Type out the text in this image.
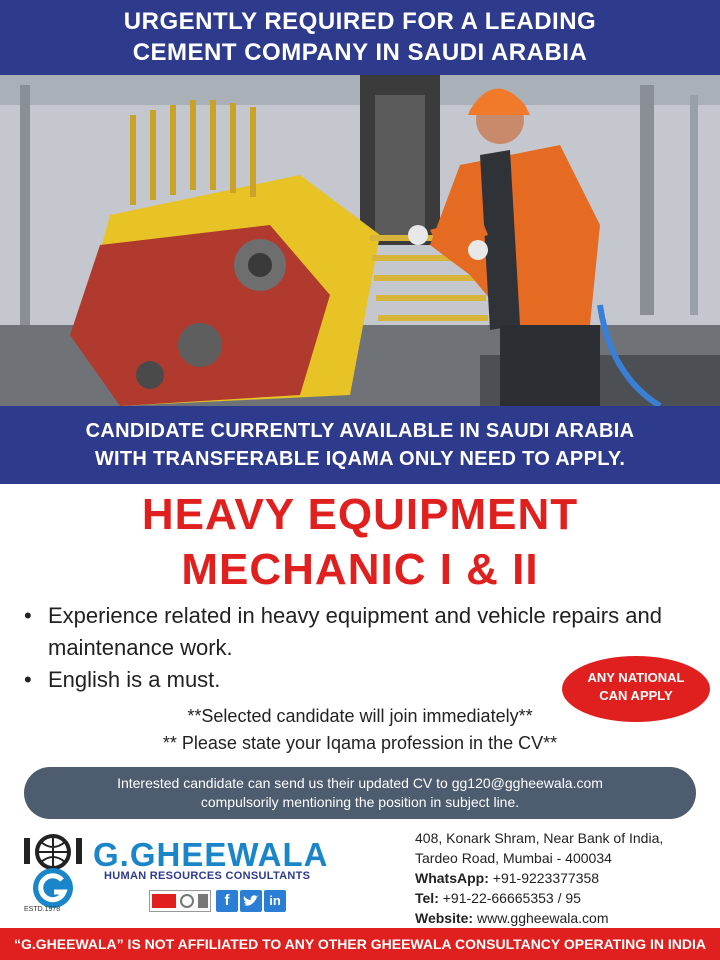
URGENTLY REQUIRED FOR A LEADING
CEMENT COMPANY IN SAUDI ARABIA
CANDIDATE CURRENTLY AVAILABLE IN SAUDI ARABIA
WITH TRANSFERABLE IQAMA ONLY NEED TO APPLY.
HEAVY EQUIPMENT
MECHANIC I & II
• Experience related in heavy equipment and vehicle repairs and maintenance work.
• English is a must.	ANY NATIONAL
CAN APPLY
**Selected candidate will join immediately**
** Please state your Iqama profession in the CV**
Interested candidate can send us their updated CV to gg120@ggheewala.com
compulsorily mentioning the position in subject line.
ESTD.1978
G.GHEEWALA
HUMAN RESOURCES CONSULTANTS
f	in
408, Konark Shram, Near Bank of India,
Tardeo Road, Mumbai - 400034
WhatsApp: +91-9223377358
Tel: +91-22-66665353 / 95
Website: www.ggheewala.com
“G.GHEEWALA” IS NOT AFFILIATED TO ANY OTHER GHEEWALA CONSULTANCY OPERATING IN INDIA
